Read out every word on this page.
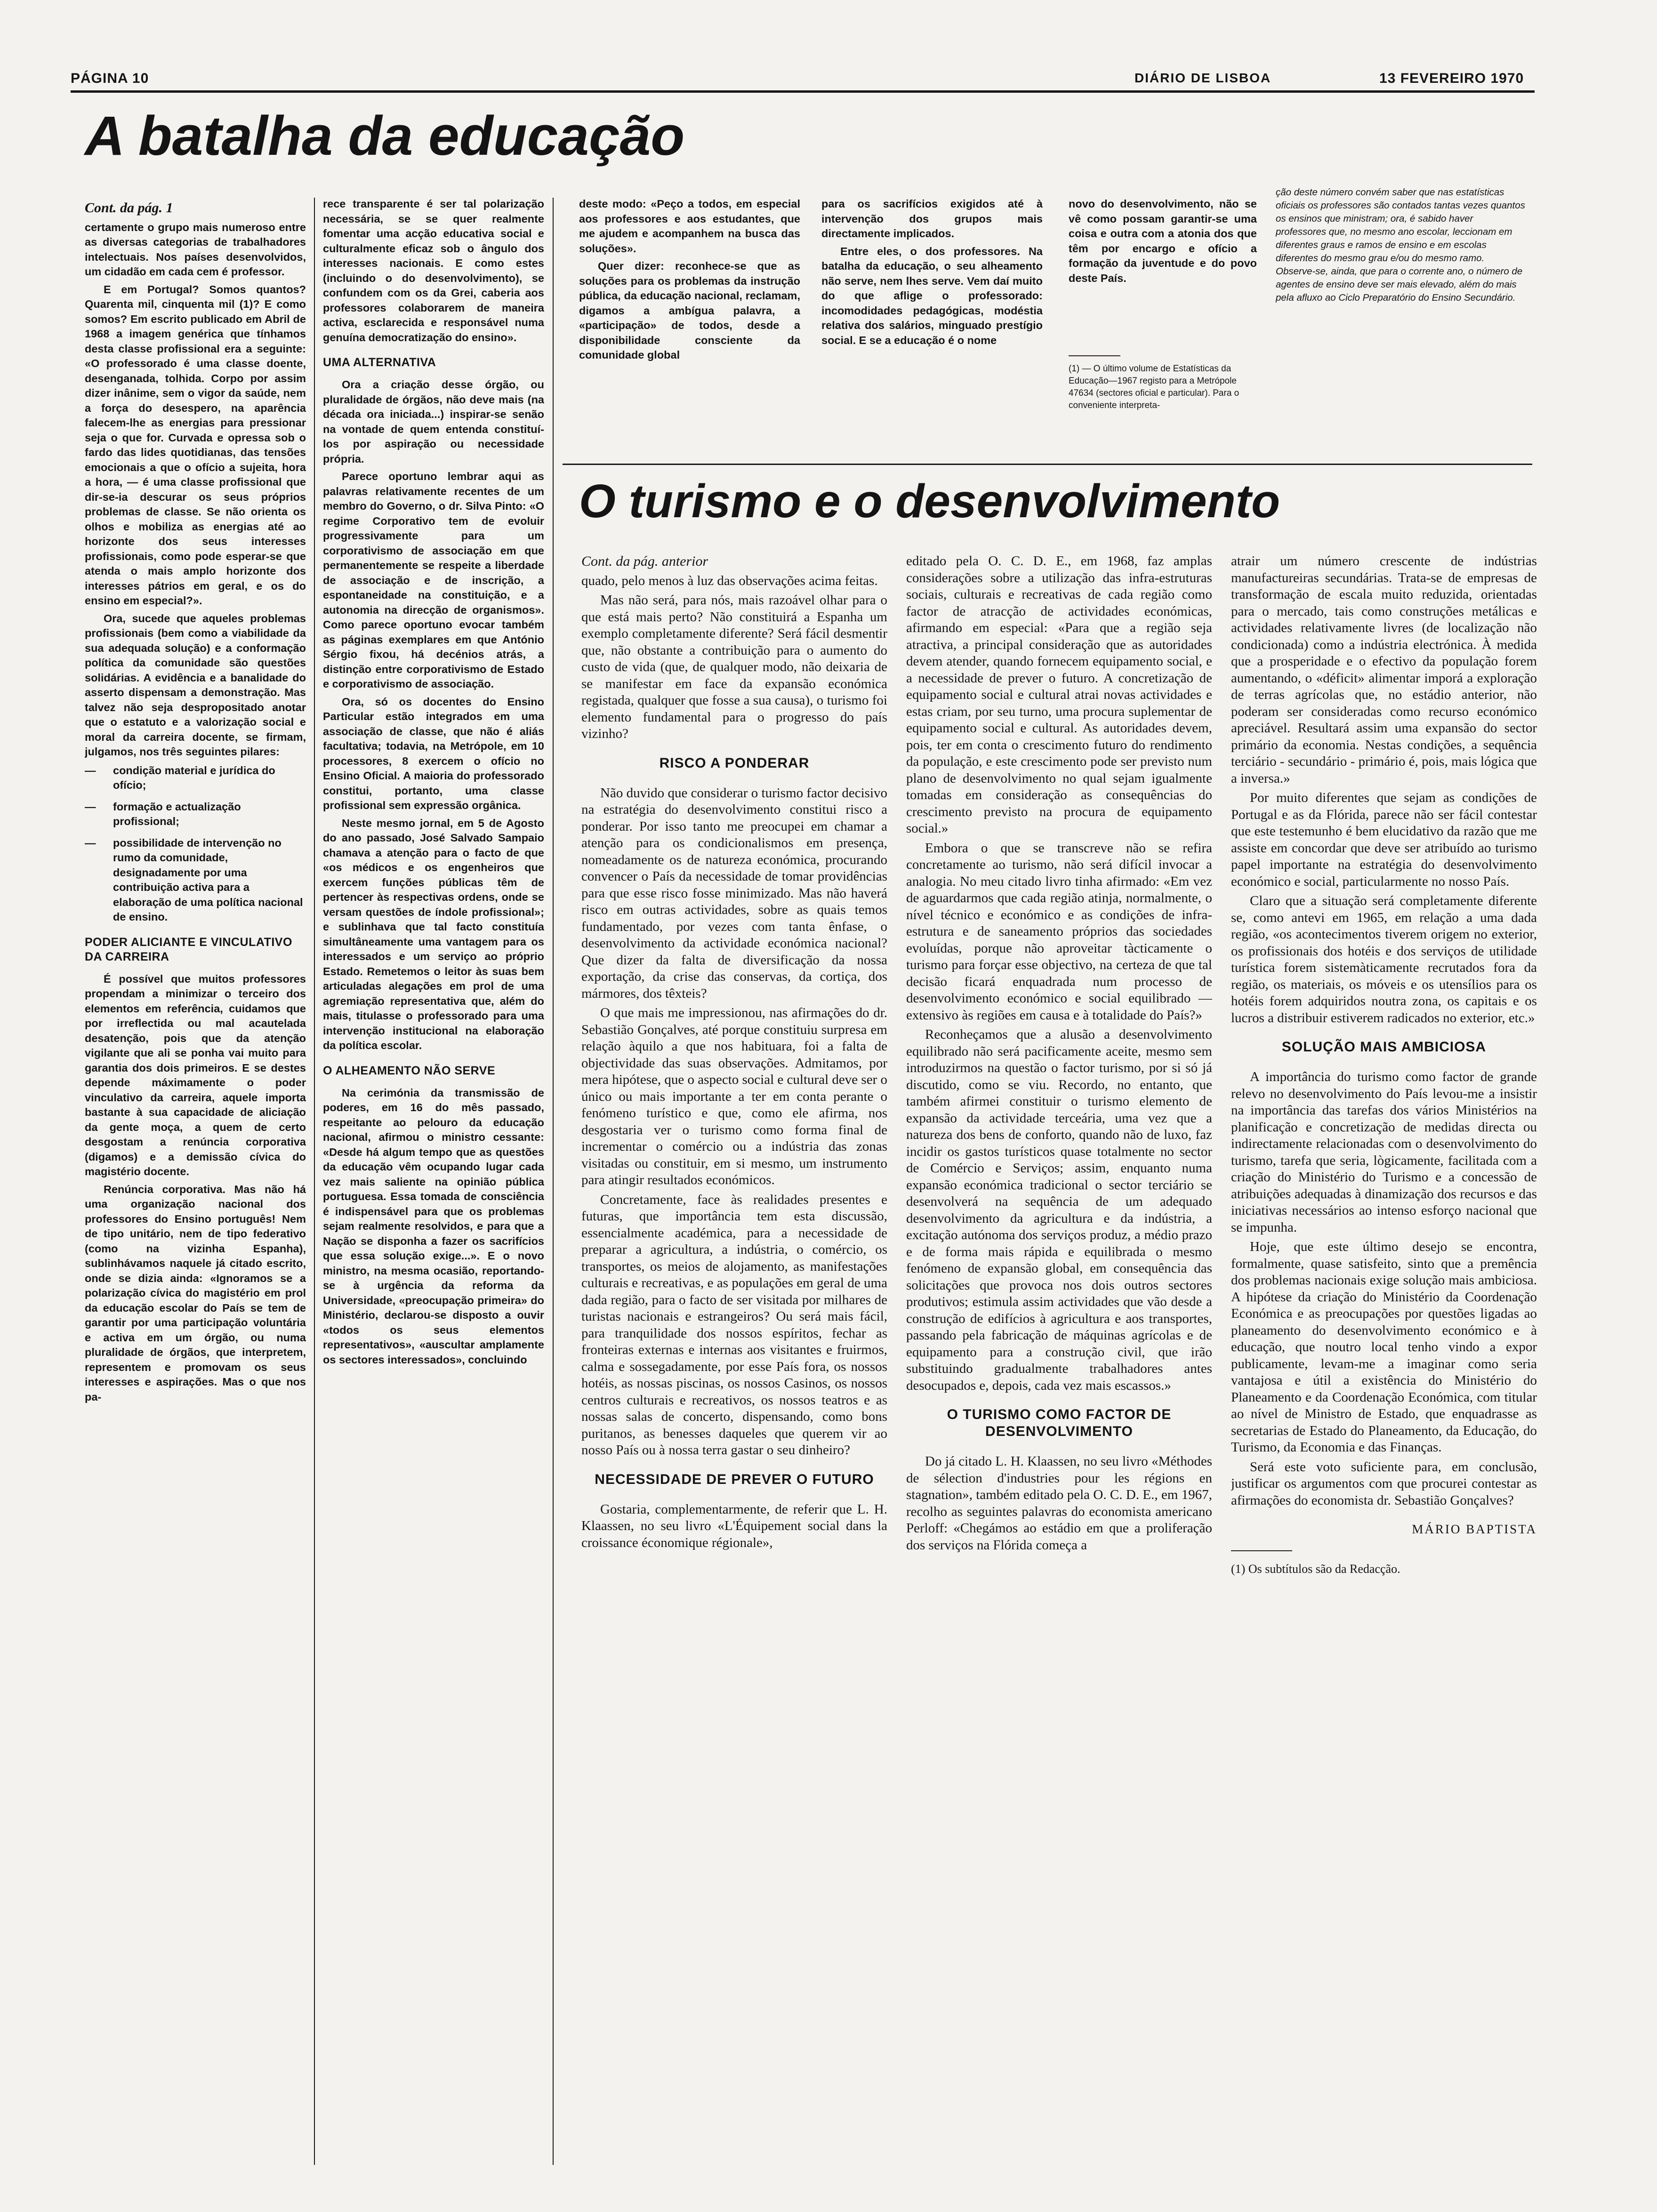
PÁGINA 10	DIÁRIO DE LISBOA	13 FEVEREIRO 1970
A batalha da educação

Cont. da pág. 1

certamente o grupo mais numeroso entre as diversas categorias de trabalhadores intelectuais. Nos países desenvolvidos, um cidadão em cada cem é professor.

E em Portugal? Somos quantos? Quarenta mil, cinquenta mil (1)? E como somos? Em escrito publicado em Abril de 1968 a imagem genérica que tínhamos desta classe profissional era a seguinte: «O professorado é uma classe doente, desenganada, tolhida. Corpo por assim dizer inânime, sem o vigor da saúde, nem a força do desespero, na aparência falecem-lhe as energias para pressionar seja o que for. Curvada e opressa sob o fardo das lides quotidianas, das tensões emocionais a que o ofício a sujeita, hora a hora, — é uma classe profissional que dir-se-ia descurar os seus próprios problemas de classe. Se não orienta os olhos e mobiliza as energias até ao horizonte dos seus interesses profissionais, como pode esperar-se que atenda o mais amplo horizonte dos interesses pátrios em geral, e os do ensino em especial?».

Ora, sucede que aqueles problemas profissionais (bem como a viabilidade da sua adequada solução) e a conformação política da comunidade são questões solidárias. A evidência e a banalidade do asserto dispensam a demonstração. Mas talvez não seja despropositado anotar que o estatuto e a valorização social e moral da carreira docente, se firmam, julgamos, nos três seguintes pilares:

— condição material e jurídica do ofício;
— formação e actualização profissional;
— possibilidade de intervenção no rumo da comunidade, designadamente por uma contribuição activa para a elaboração de uma política nacional de ensino.
PODER ALICIANTE E VINCULATIVO DA CARREIRA

É possível que muitos professores propendam a minimizar o terceiro dos elementos em referência, cuidamos que por irreflectida ou mal acautelada desatenção, pois que da atenção vigilante que ali se ponha vai muito para garantia dos dois primeiros. E se destes depende máximamente o poder vinculativo da carreira, aquele importa bastante à sua capacidade de aliciação da gente moça, a quem de certo desgostam a renúncia corporativa (digamos) e a demissão cívica do magistério docente.

Renúncia corporativa. Mas não há uma organização nacional dos professores do Ensino português! Nem de tipo unitário, nem de tipo federativo (como na vizinha Espanha), sublinhávamos naquele já citado escrito, onde se dizia ainda: «Ignoramos se a polarização cívica do magistério em prol da educação escolar do País se tem de garantir por uma participação voluntária e activa em um órgão, ou numa pluralidade de órgãos, que interpretem, representem e promovam os seus interesses e aspirações. Mas o que nos pa-

rece transparente é ser tal polarização necessária, se se quer realmente fomentar uma acção educativa social e culturalmente eficaz sob o ângulo dos interesses nacionais. E como estes (incluindo o do desenvolvimento), se confundem com os da Grei, caberia aos professores colaborarem de maneira activa, esclarecida e responsável numa genuína democratização do ensino».

UMA ALTERNATIVA

Ora a criação desse órgão, ou pluralidade de órgãos, não deve mais (na década ora iniciada...) inspirar-se senão na vontade de quem entenda constituí-los por aspiração ou necessidade própria.

Parece oportuno lembrar aqui as palavras relativamente recentes de um membro do Governo, o dr. Silva Pinto: «O regime Corporativo tem de evoluir progressivamente para um corporativismo de associação em que permanentemente se respeite a liberdade de associação e de inscrição, a espontaneidade na constituição, e a autonomia na direcção de organismos». Como parece oportuno evocar também as páginas exemplares em que António Sérgio fixou, há decénios atrás, a distinção entre corporativismo de Estado e corporativismo de associação.

Ora, só os docentes do Ensino Particular estão integrados em uma associação de classe, que não é aliás facultativa; todavia, na Metrópole, em 10 processores, 8 exercem o ofício no Ensino Oficial. A maioria do professorado constitui, portanto, uma classe profissional sem expressão orgânica.

Neste mesmo jornal, em 5 de Agosto do ano passado, José Salvado Sampaio chamava a atenção para o facto de que «os médicos e os engenheiros que exercem funções públicas têm de pertencer às respectivas ordens, onde se versam questões de índole profissional»; e sublinhava que tal facto constituía simultâneamente uma vantagem para os interessados e um serviço ao próprio Estado. Remetemos o leitor às suas bem articuladas alegações em prol de uma agremiação representativa que, além do mais, titulasse o professorado para uma intervenção institucional na elaboração da política escolar.

O ALHEAMENTO NÃO SERVE

Na cerimónia da transmissão de poderes, em 16 do mês passado, respeitante ao pelouro da educação nacional, afirmou o ministro cessante: «Desde há algum tempo que as questões da educação vêm ocupando lugar cada vez mais saliente na opinião pública portuguesa. Essa tomada de consciência é indispensável para que os problemas sejam realmente resolvidos, e para que a Nação se disponha a fazer os sacrifícios que essa solução exige...». E o novo ministro, na mesma ocasião, reportando-se à urgência da reforma da Universidade, «preocupação primeira» do Ministério, declarou-se disposto a ouvir «todos os seus elementos representativos», «auscultar amplamente os sectores interessados», concluindo

deste modo: «Peço a todos, em especial aos professores e aos estudantes, que me ajudem e acompanhem na busca das soluções».

Quer dizer: reconhece-se que as soluções para os problemas da instrução pública, da educação nacional, reclamam, digamos a ambígua palavra, a «participação» de todos, desde a disponibilidade consciente da comunidade global

para os sacrifícios exigidos até à intervenção dos grupos mais directamente implicados.

Entre eles, o dos professores. Na batalha da educação, o seu alheamento não serve, nem lhes serve. Vem daí muito do que aflige o professorado: incomodidades pedagógicas, modéstia relativa dos salários, minguado prestígio social. E se a educação é o nome

novo do desenvolvimento, não se vê como possam garantir-se uma coisa e outra com a atonia dos que têm por encargo e ofício a formação da juventude e do povo deste País.

(1) — O último volume de Estatísticas da Educação—1967 registo para a Metrópole 47634 (sectores oficial e particular). Para o conveniente interpreta-

ção deste número convém saber que nas estatísticas oficiais os professores são contados tantas vezes quantos os ensinos que ministram; ora, é sabido haver professores que, no mesmo ano escolar, leccionam em diferentes graus e ramos de ensino e em escolas diferentes do mesmo grau e/ou do mesmo ramo. Observe-se, ainda, que para o corrente ano, o número de agentes de ensino deve ser mais elevado, além do mais pela afluxo ao Ciclo Preparatório do Ensino Secundário.

O turismo e o desenvolvimento

Cont. da pág. anterior

quado, pelo menos à luz das observações acima feitas.

Mas não será, para nós, mais razoável olhar para o que está mais perto? Não constituirá a Espanha um exemplo completamente diferente? Será fácil desmentir que, não obstante a contribuição para o aumento do custo de vida (que, de qualquer modo, não deixaria de se manifestar em face da expansão económica registada, qualquer que fosse a sua causa), o turismo foi elemento fundamental para o progresso do país vizinho?

RISCO A PONDERAR

Não duvido que considerar o turismo factor decisivo na estratégia do desenvolvimento constitui risco a ponderar. Por isso tanto me preocupei em chamar a atenção para os condicionalismos em presença, nomeadamente os de natureza económica, procurando convencer o País da necessidade de tomar providências para que esse risco fosse minimizado. Mas não haverá risco em outras actividades, sobre as quais temos fundamentado, por vezes com tanta ênfase, o desenvolvimento da actividade económica nacional? Que dizer da falta de diversificação da nossa exportação, da crise das conservas, da cortiça, dos mármores, dos têxteis?

O que mais me impressionou, nas afirmações do dr. Sebastião Gonçalves, até porque constituiu surpresa em relação àquilo a que nos habituara, foi a falta de objectividade das suas observações. Admitamos, por mera hipótese, que o aspecto social e cultural deve ser o único ou mais importante a ter em conta perante o fenómeno turístico e que, como ele afirma, nos desgostaria ver o turismo como forma final de incrementar o comércio ou a indústria das zonas visitadas ou constituir, em si mesmo, um instrumento para atingir resultados económicos.

Concretamente, face às realidades presentes e futuras, que importância tem esta discussão, essencialmente académica, para a necessidade de preparar a agricultura, a indústria, o comércio, os transportes, os meios de alojamento, as manifestações culturais e recreativas, e as populações em geral de uma dada região, para o facto de ser visitada por milhares de turistas nacionais e estrangeiros? Ou será mais fácil, para tranquilidade dos nossos espíritos, fechar as fronteiras externas e internas aos visitantes e fruirmos, calma e sossegadamente, por esse País fora, os nossos hotéis, as nossas piscinas, os nossos Casinos, os nossos centros culturais e recreativos, os nossos teatros e as nossas salas de concerto, dispensando, como bons puritanos, as benesses daqueles que querem vir ao nosso País ou à nossa terra gastar o seu dinheiro?

NECESSIDADE DE PREVER O FUTURO

Gostaria, complementarmente, de referir que L. H. Klaassen, no seu livro «L'Équipement social dans la croissance économique régionale»,

editado pela O. C. D. E., em 1968, faz amplas considerações sobre a utilização das infra-estruturas sociais, culturais e recreativas de cada região como factor de atracção de actividades económicas, afirmando em especial: «Para que a região seja atractiva, a principal consideração que as autoridades devem atender, quando fornecem equipamento social, e a necessidade de prever o futuro. A concretização de equipamento social e cultural atrai novas actividades e estas criam, por seu turno, uma procura suplementar de equipamento social e cultural. As autoridades devem, pois, ter em conta o crescimento futuro do rendimento da população, e este crescimento pode ser previsto num plano de desenvolvimento no qual sejam igualmente tomadas em consideração as consequências do crescimento previsto na procura de equipamento social.»

Embora o que se transcreve não se refira concretamente ao turismo, não será difícil invocar a analogia. No meu citado livro tinha afirmado: «Em vez de aguardarmos que cada região atinja, normalmente, o nível técnico e económico e as condições de infra-estrutura e de saneamento próprios das sociedades evoluídas, porque não aproveitar tàcticamente o turismo para forçar esse objectivo, na certeza de que tal decisão ficará enquadrada num processo de desenvolvimento económico e social equilibrado — extensivo às regiões em causa e à totalidade do País?»

Reconheçamos que a alusão a desenvolvimento equilibrado não será pacificamente aceite, mesmo sem introduzirmos na questão o factor turismo, por si só já discutido, como se viu. Recordo, no entanto, que também afirmei constituir o turismo elemento de expansão da actividade terceária, uma vez que a natureza dos bens de conforto, quando não de luxo, faz incidir os gastos turísticos quase totalmente no sector de Comércio e Serviços; assim, enquanto numa expansão económica tradicional o sector terciário se desenvolverá na sequência de um adequado desenvolvimento da agricultura e da indústria, a excitação autónoma dos serviços produz, a médio prazo e de forma mais rápida e equilibrada o mesmo fenómeno de expansão global, em consequência das solicitações que provoca nos dois outros sectores produtivos; estimula assim actividades que vão desde a construção de edifícios à agricultura e aos transportes, passando pela fabricação de máquinas agrícolas e de equipamento para a construção civil, que irão substituindo gradualmente trabalhadores antes desocupados e, depois, cada vez mais escassos.»

O TURISMO COMO FACTOR DE DESENVOLVIMENTO

Do já citado L. H. Klaassen, no seu livro «Méthodes de sélection d'industries pour les régions en stagnation», também editado pela O. C. D. E., em 1967, recolho as seguintes palavras do economista americano Perloff: «Chegámos ao estádio em que a proliferação dos serviços na Flórida começa a

atrair um número crescente de indústrias manufactureiras secundárias. Trata-se de empresas de transformação de escala muito reduzida, orientadas para o mercado, tais como construções metálicas e actividades relativamente livres (de localização não condicionada) como a indústria electrónica. À medida que a prosperidade e o efectivo da população forem aumentando, o «déficit» alimentar imporá a exploração de terras agrícolas que, no estádio anterior, não poderam ser consideradas como recurso económico apreciável. Resultará assim uma expansão do sector primário da economia. Nestas condições, a sequência terciário - secundário - primário é, pois, mais lógica que a inversa.»

Por muito diferentes que sejam as condições de Portugal e as da Flórida, parece não ser fácil contestar que este testemunho é bem elucidativo da razão que me assiste em concordar que deve ser atribuído ao turismo papel importante na estratégia do desenvolvimento económico e social, particularmente no nosso País.

Claro que a situação será completamente diferente se, como antevi em 1965, em relação a uma dada região, «os acontecimentos tiverem origem no exterior, os profissionais dos hotéis e dos serviços de utilidade turística forem sistemàticamente recrutados fora da região, os materiais, os móveis e os utensílios para os hotéis forem adquiridos noutra zona, os capitais e os lucros a distribuir estiverem radicados no exterior, etc.»

SOLUÇÃO MAIS AMBICIOSA

A importância do turismo como factor de grande relevo no desenvolvimento do País levou-me a insistir na importância das tarefas dos vários Ministérios na planificação e concretização de medidas directa ou indirectamente relacionadas com o desenvolvimento do turismo, tarefa que seria, lògicamente, facilitada com a criação do Ministério do Turismo e a concessão de atribuições adequadas à dinamização dos recursos e das iniciativas necessários ao intenso esforço nacional que se impunha.

Hoje, que este último desejo se encontra, formalmente, quase satisfeito, sinto que a premência dos problemas nacionais exige solução mais ambiciosa. A hipótese da criação do Ministério da Coordenação Económica e as preocupações por questões ligadas ao planeamento do desenvolvimento económico e à educação, que noutro local tenho vindo a expor publicamente, levam-me a imaginar como seria vantajosa e útil a existência do Ministério do Planeamento e da Coordenação Económica, com titular ao nível de Ministro de Estado, que enquadrasse as secretarias de Estado do Planeamento, da Educação, do Turismo, da Economia e das Finanças.

Será este voto suficiente para, em conclusão, justificar os argumentos com que procurei contestar as afirmações do economista dr. Sebastião Gonçalves?

MÁRIO BAPTISTA

(1) Os subtítulos são da Redacção.
